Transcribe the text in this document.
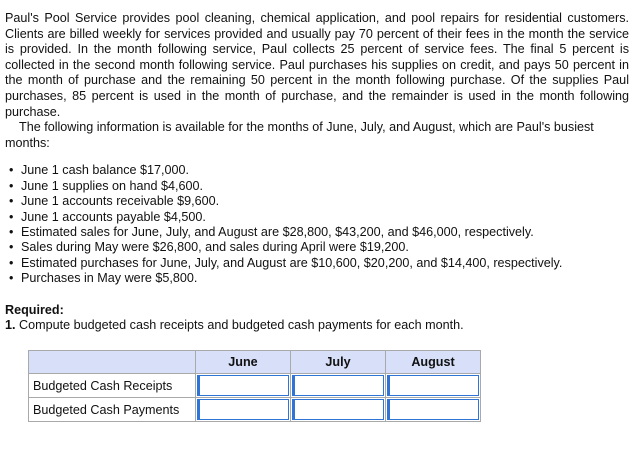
Paul's Pool Service provides pool cleaning, chemical application, and pool repairs for residential customers. Clients are billed weekly for services provided and usually pay 70 percent of their fees in the month the service is provided. In the month following service, Paul collects 25 percent of service fees. The final 5 percent is collected in the second month following service. Paul purchases his supplies on credit, and pays 50 percent in the month of purchase and the remaining 50 percent in the month following purchase. Of the supplies Paul purchases, 85 percent is used in the month of purchase, and the remainder is used in the month following purchase.

The following information is available for the months of June, July, and August, which are Paul's busiest months:

• June 1 cash balance $17,000.
• June 1 supplies on hand $4,600.
• June 1 accounts receivable $9,600.
• June 1 accounts payable $4,500.
• Estimated sales for June, July, and August are $28,800, $43,200, and $46,000, respectively.
• Sales during May were $26,800, and sales during April were $19,200.
• Estimated purchases for June, July, and August are $10,600, $20,200, and $14,400, respectively.
• Purchases in May were $5,800.
Required:
1. Compute budgeted cash receipts and budgeted cash payments for each month.
	June	July	August
Budgeted Cash Receipts	

Budgeted Cash Payments	
